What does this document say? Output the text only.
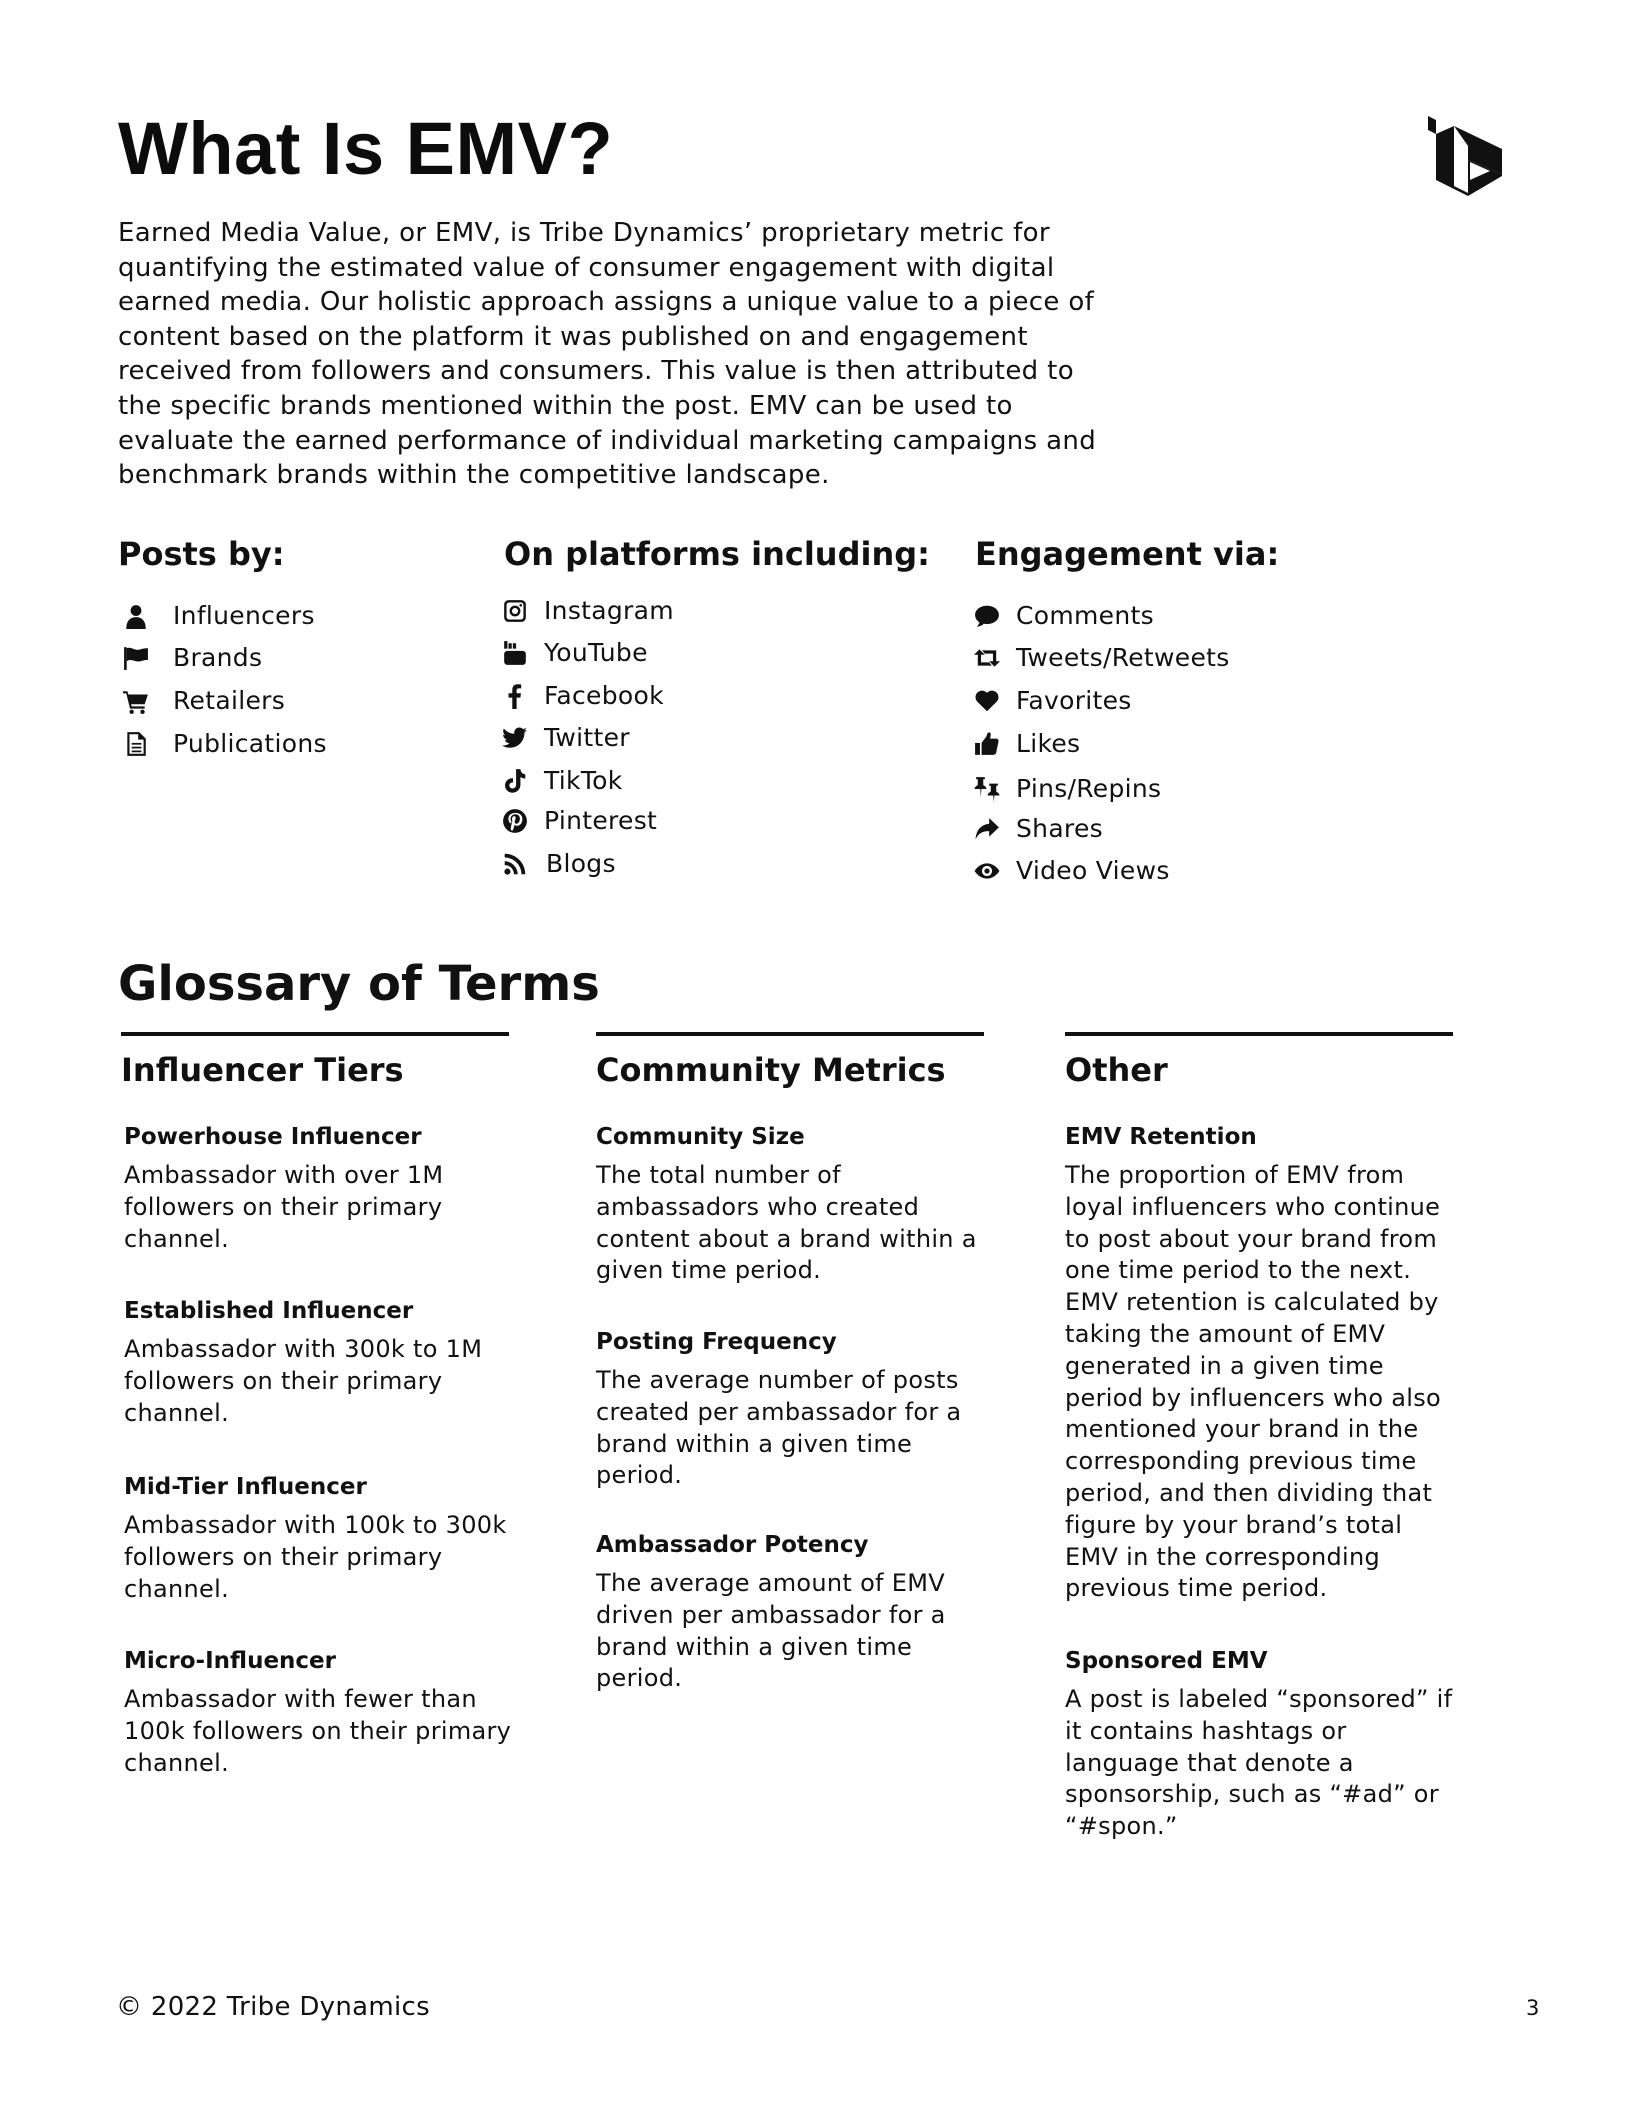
What Is EMV?

Earned Media Value, or EMV, is Tribe Dynamics’ proprietary metric for quantifying the estimated value of consumer engagement with digital earned media. Our holistic approach assigns a unique value to a piece of content based on the platform it was published on and engagement received from followers and consumers. This value is then attributed to the specific brands mentioned within the post. EMV can be used to evaluate the earned performance of individual marketing campaigns and benchmark brands within the competitive landscape.

Posts by:
Influencers
Brands
Retailers
Publications
On platforms including:
Instagram
YouTube
Facebook
Twitter
TikTok
Pinterest
Blogs
Engagement via:
Comments
Tweets/Retweets
Favorites
Likes
Pins/Repins
Shares
Video Views
Glossary of Terms
Influencer Tiers

Powerhouse Influencer

Ambassador with over 1M followers on their primary channel.

Established Influencer

Ambassador with 300k to 1M followers on their primary channel.

Mid-Tier Influencer

Ambassador with 100k to 300k followers on their primary channel.

Micro-Influencer

Ambassador with fewer than 100k followers on their primary channel.

Community Metrics

Community Size

The total number of ambassadors who created content about a brand within a given time period.

Posting Frequency

The average number of posts created per ambassador for a brand within a given time period.

Ambassador Potency

The average amount of EMV driven per ambassador for a brand within a given time period.

Other

EMV Retention

The proportion of EMV from loyal influencers who continue to post about your brand from one time period to the next. EMV retention is calculated by taking the amount of EMV generated in a given time period by influencers who also mentioned your brand in the corresponding previous time period, and then dividing that figure by your brand’s total EMV in the corresponding previous time period.

Sponsored EMV

A post is labeled “sponsored” if it contains hashtags or language that denote a sponsorship, such as “#ad” or “#spon.”

© 2022 Tribe Dynamics	3
